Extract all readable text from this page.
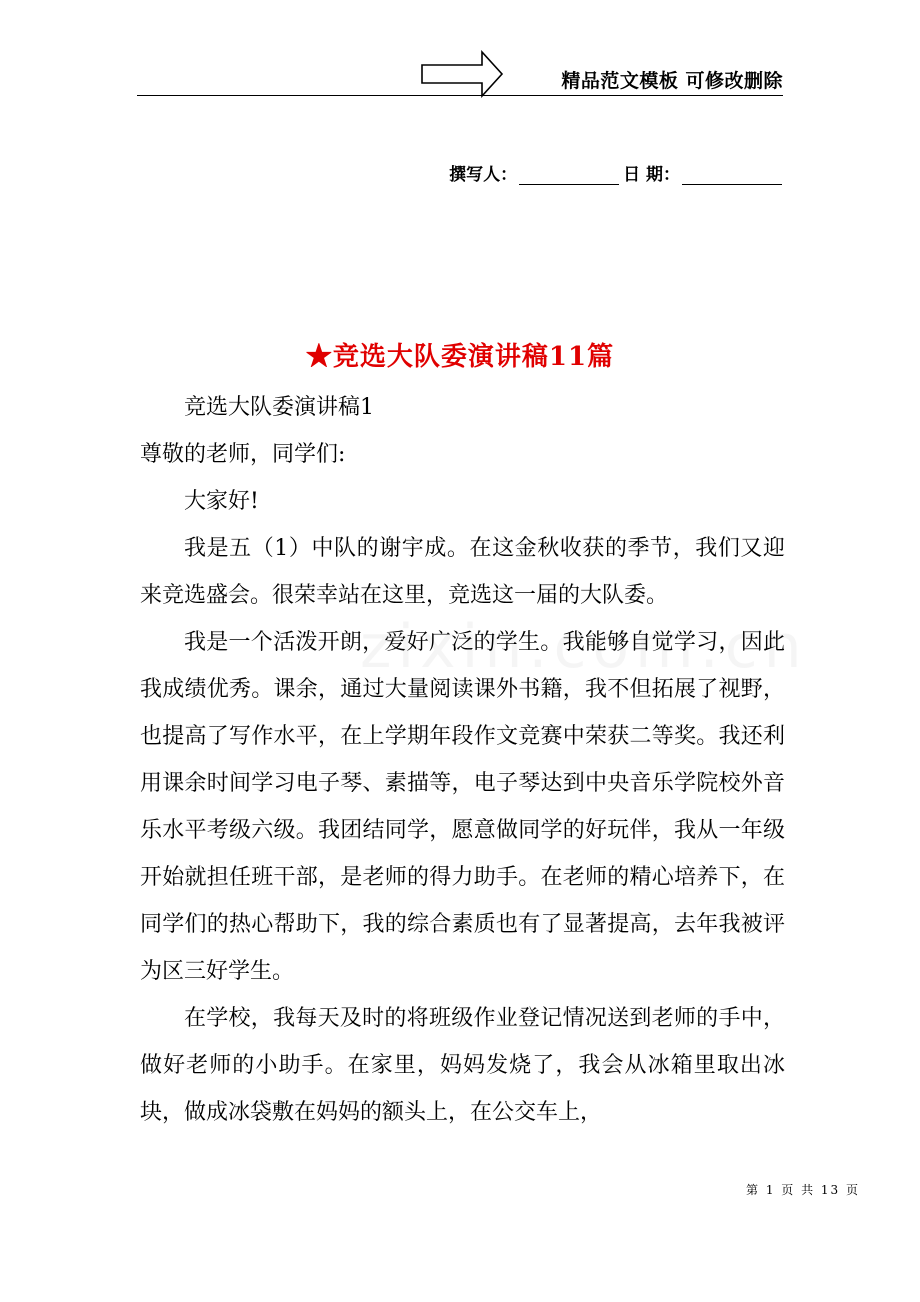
精品范文模板 可修改删除
撰写人：	日 期：
★竞选大队委演讲稿11篇

竞选大队委演讲稿1

尊敬的老师，同学们:

大家好!

我是五（1）中队的谢宇成。在这金秋收获的季节，我们又迎来竞选盛会。很荣幸站在这里，竞选这一届的大队委。

我是一个活泼开朗，爱好广泛的学生。我能够自觉学习，因此我成绩优秀。课余，通过大量阅读课外书籍，我不但拓展了视野，也提高了写作水平，在上学期年段作文竞赛中荣获二等奖。我还利用课余时间学习电子琴、素描等，电子琴达到中央音乐学院校外音乐水平考级六级。我团结同学，愿意做同学的好玩伴，我从一年级开始就担任班干部，是老师的得力助手。在老师的精心培养下，在同学们的热心帮助下，我的综合素质也有了显著提高，去年我被评为区三好学生。

在学校，我每天及时的将班级作业登记情况送到老师的手中，做好老师的小助手。在家里，妈妈发烧了，我会从冰箱里取出冰块，做成冰袋敷在妈妈的额头上，在公交车上，

第 1 页 共 13 页
